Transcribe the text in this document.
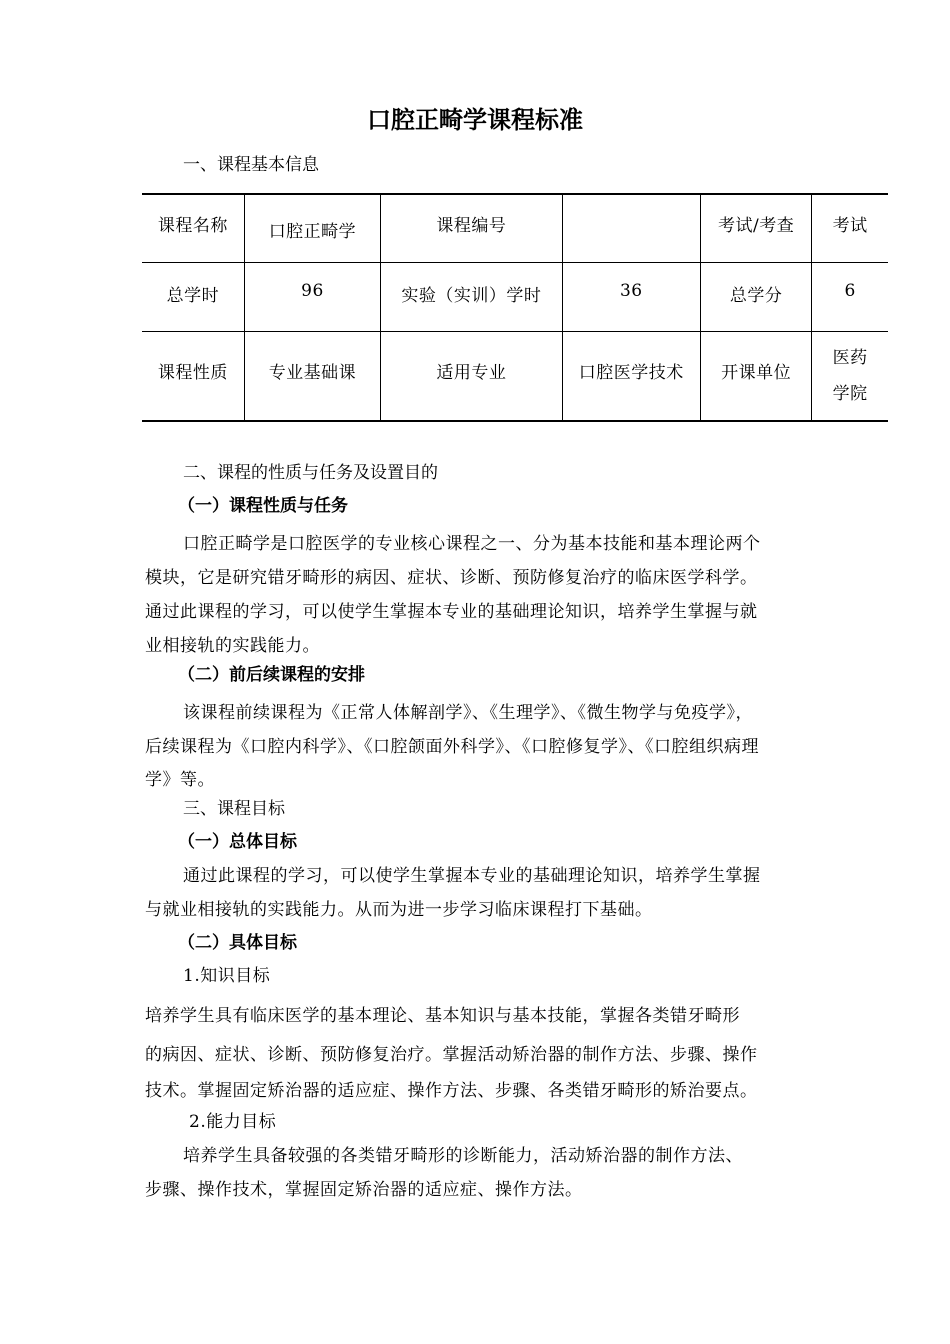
口腔正畸学课程标准
一、课程基本信息
课程名称	口腔正畸学	课程编号		考试/考查	考试
总学时	96	实验（实训）学时	36	总学分	6
课程性质	专业基础课	适用专业	口腔医学技术	开课单位	医药学院
二、课程的性质与任务及设置目的
（一）课程性质与任务
口腔正畸学是口腔医学的专业核心课程之一、分为基本技能和基本理论两个
模块，它是研究错牙畸形的病因、症状、诊断、预防修复治疗的临床医学科学。
通过此课程的学习，可以使学生掌握本专业的基础理论知识，培养学生掌握与就
业相接轨的实践能力。
（二）前后续课程的安排
该课程前续课程为《正常人体解剖学》、《生理学》、《微生物学与免疫学》，
后续课程为《口腔内科学》、《口腔颌面外科学》、《口腔修复学》、《口腔组织病理
学》等。
三、课程目标
（一）总体目标
通过此课程的学习，可以使学生掌握本专业的基础理论知识，培养学生掌握
与就业相接轨的实践能力。从而为进一步学习临床课程打下基础。
（二）具体目标
1.知识目标
培养学生具有临床医学的基本理论、基本知识与基本技能，掌握各类错牙畸形
的病因、症状、诊断、预防修复治疗。掌握活动矫治器的制作方法、步骤、操作
技术。掌握固定矫治器的适应症、操作方法、步骤、各类错牙畸形的矫治要点。
2.能力目标
培养学生具备较强的各类错牙畸形的诊断能力，活动矫治器的制作方法、
步骤、操作技术，掌握固定矫治器的适应症、操作方法。
